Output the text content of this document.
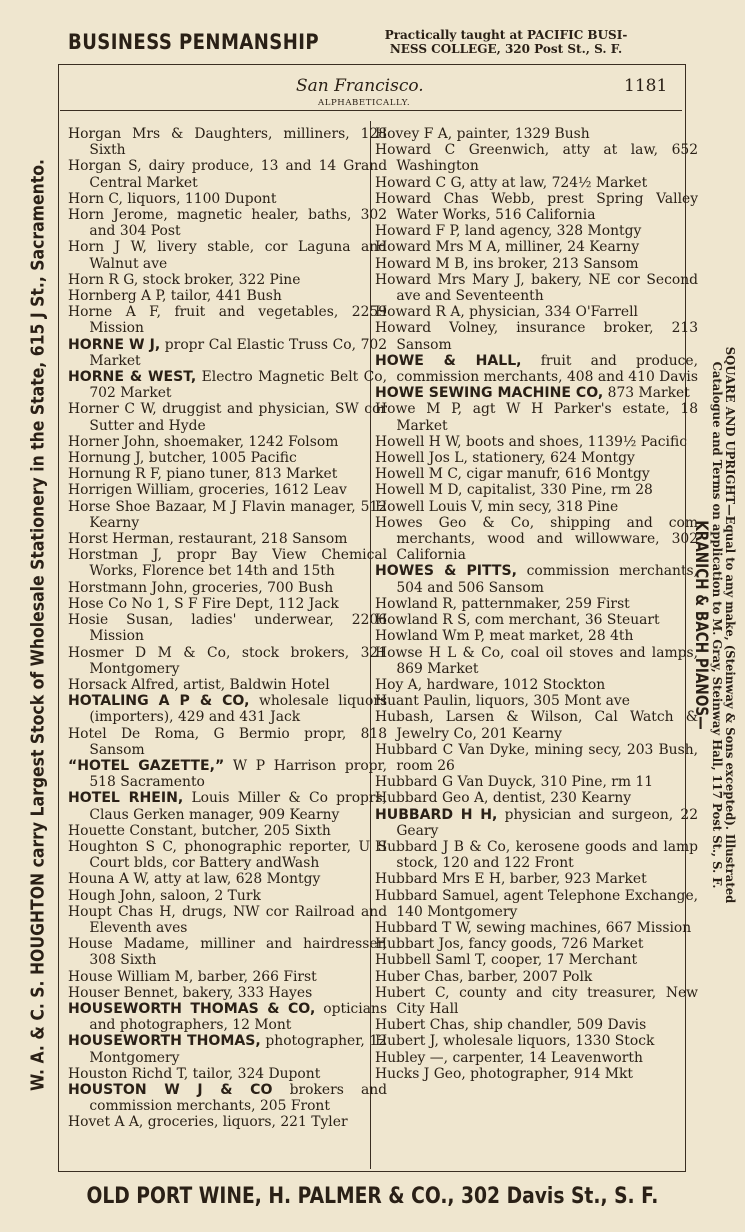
BUSINESS PENMANSHIP	Practically taught at PACIFIC BUSI-
NESS COLLEGE, 320 Post St., S. F.
W. A. & C. S. HOUGHTON carry Largest Stock of Wholesale Stationery in the State, 615 J St., Sacramento.	KRANICH & BACH PIANOS— SQUARE AND UPRIGHT—Equal to any make, (Steinway & Sons excepted). Illustrated
Catalogue and Terms on application to M. Gray, Steinway Hall, 117 Post St., S. F.
San Francisco.	1181
ALPHABETICALLY.
Horgan Mrs & Daughters, milliners, 128 Sixth
Horgan S, dairy produce, 13 and 14 Grand Central Market
Horn C, liquors, 1100 Dupont
Horn Jerome, magnetic healer, baths, 302 and 304 Post
Horn J W, livery stable, cor Laguna and Walnut ave
Horn R G, stock broker, 322 Pine
Hornberg A P, tailor, 441 Bush
Horne A F, fruit and vegetables, 2259 Mission
HORNE W J, propr Cal Elastic Truss Co, 702 Market
HORNE & WEST, Electro Magnetic Belt Co, 702 Market
Horner C W, druggist and physician, SW cor Sutter and Hyde
Horner John, shoemaker, 1242 Folsom
Hornung J, butcher, 1005 Pacific
Hornung R F, piano tuner, 813 Market
Horrigen William, groceries, 1612 Leav
Horse Shoe Bazaar, M J Flavin manager, 512 Kearny
Horst Herman, restaurant, 218 Sansom
Horstman J, propr Bay View Chemical Works, Florence bet 14th and 15th
Horstmann John, groceries, 700 Bush
Hose Co No 1, S F Fire Dept, 112 Jack
Hosie Susan, ladies' underwear, 2206 Mission
Hosmer D M & Co, stock brokers, 321 Montgomery
Horsack Alfred, artist, Baldwin Hotel
HOTALING A P & CO, wholesale liquors (importers), 429 and 431 Jack
Hotel De Roma, G Bermio propr, 818 Sansom
“HOTEL GAZETTE,” W P Harrison propr, 518 Sacramento
HOTEL RHEIN, Louis Miller & Co proprs, Claus Gerken manager, 909 Kearny
Houette Constant, butcher, 205 Sixth
Houghton S C, phonographic reporter, U S Court blds, cor Battery andWash
Houna A W, atty at law, 628 Montgy
Hough John, saloon, 2 Turk
Houpt Chas H, drugs, NW cor Railroad and Eleventh aves
House Madame, milliner and hairdresser, 308 Sixth
House William M, barber, 266 First
Houser Bennet, bakery, 333 Hayes
HOUSEWORTH THOMAS & CO, opticians and photographers, 12 Mont
HOUSEWORTH THOMAS, photographer, 12 Montgomery
Houston Richd T, tailor, 324 Dupont
HOUSTON W J & CO brokers and commission merchants, 205 Front
Hovet A A, groceries, liquors, 221 Tyler
Hovey F A, painter, 1329 Bush
Howard C Greenwich, atty at law, 652 Washington
Howard C G, atty at law, 724½ Market
Howard Chas Webb, prest Spring Valley Water Works, 516 California
Howard F P, land agency, 328 Montgy
Howard Mrs M A, milliner, 24 Kearny
Howard M B, ins broker, 213 Sansom
Howard Mrs Mary J, bakery, NE cor Second ave and Seventeenth
Howard R A, physician, 334 O'Farrell
Howard Volney, insurance broker, 213 Sansom
HOWE & HALL, fruit and produce, commission merchants, 408 and 410 Davis
HOWE SEWING MACHINE CO, 873 Market
Howe M P, agt W H Parker's estate, 18 Market
Howell H W, boots and shoes, 1139½ Pacific
Howell Jos L, stationery, 624 Montgy
Howell M C, cigar manufr, 616 Montgy
Howell M D, capitalist, 330 Pine, rm 28
Howell Louis V, min secy, 318 Pine
Howes Geo & Co, shipping and com merchants, wood and willowware, 302 California
HOWES & PITTS, commission merchants, 504 and 506 Sansom
Howland R, patternmaker, 259 First
Howland R S, com merchant, 36 Steuart
Howland Wm P, meat market, 28 4th
Howse H L & Co, coal oil stoves and lamps, 869 Market
Hoy A, hardware, 1012 Stockton
Huant Paulin, liquors, 305 Mont ave
Hubash, Larsen & Wilson, Cal Watch & Jewelry Co, 201 Kearny
Hubbard C Van Dyke, mining secy, 203 Bush, room 26
Hubbard G Van Duyck, 310 Pine, rm 11
Hubbard Geo A, dentist, 230 Kearny
HUBBARD H H, physician and surgeon, 22 Geary
Hubbard J B & Co, kerosene goods and lamp stock, 120 and 122 Front
Hubbard Mrs E H, barber, 923 Market
Hubbard Samuel, agent Telephone Exchange, 140 Montgomery
Hubbard T W, sewing machines, 667 Mission
Hubbart Jos, fancy goods, 726 Market
Hubbell Saml T, cooper, 17 Merchant
Huber Chas, barber, 2007 Polk
Hubert C, county and city treasurer, New City Hall
Hubert Chas, ship chandler, 509 Davis
Hubert J, wholesale liquors, 1330 Stock
Hubley —, carpenter, 14 Leavenworth
Hucks J Geo, photographer, 914 Mkt
OLD PORT WINE, H. PALMER & CO., 302 Davis St., S. F.
